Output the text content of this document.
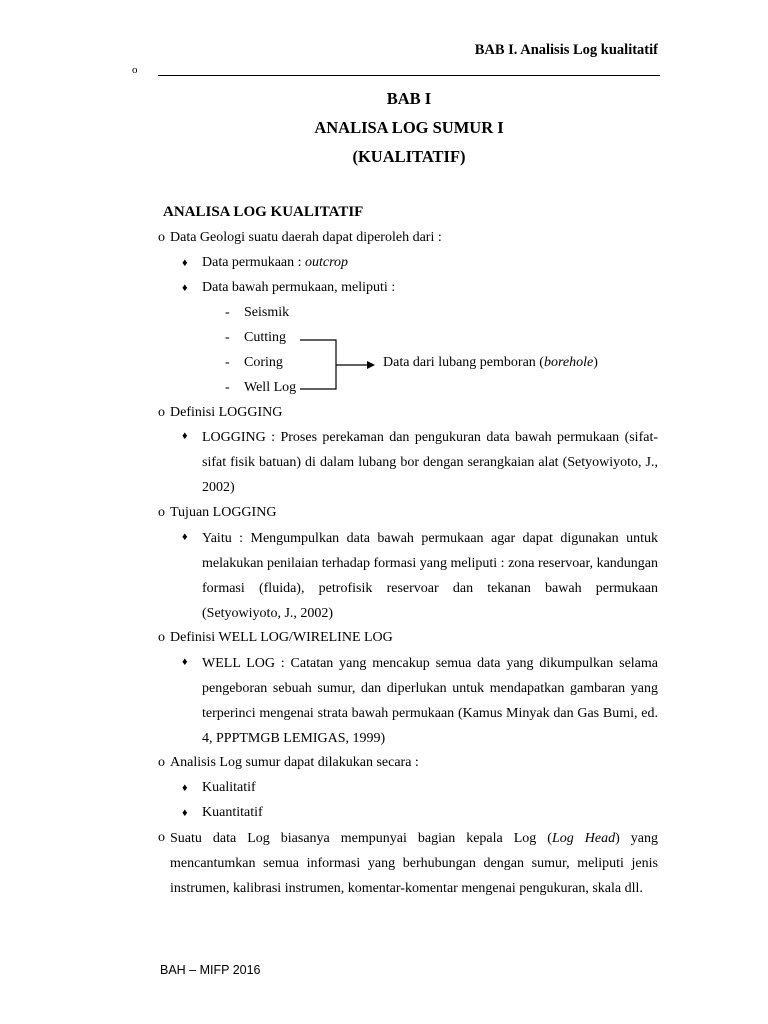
BAB I. Analisis Log kualitatif
o
BAB I
ANALISA LOG SUMUR I
(KUALITATIF)
ANALISA LOG KUALITATIF
o Data Geologi suatu daerah dapat diperoleh dari :
♦ Data permukaan : outcrop
♦ Data bawah permukaan, meliputi :
- Seismik
- Cutting
- Coring
- Well Log
Data dari lubang pemboran (borehole)
o Definisi LOGGING
♦ LOGGING : Proses perekaman dan pengukuran data bawah permukaan (sifat-sifat fisik batuan) di dalam lubang bor dengan serangkaian alat (Setyowiyoto, J., 2002)
o Tujuan LOGGING
♦ Yaitu : Mengumpulkan data bawah permukaan agar dapat digunakan untuk melakukan penilaian terhadap formasi yang meliputi : zona reservoar, kandungan formasi (fluida), petrofisik reservoar dan tekanan bawah permukaan (Setyowiyoto, J., 2002)
o Definisi WELL LOG/WIRELINE LOG
♦ WELL LOG : Catatan yang mencakup semua data yang dikumpulkan selama pengeboran sebuah sumur, dan diperlukan untuk mendapatkan gambaran yang terperinci mengenai strata bawah permukaan (Kamus Minyak dan Gas Bumi, ed. 4, PPPTMGB LEMIGAS, 1999)
o Analisis Log sumur dapat dilakukan secara :
♦ Kualitatif
♦ Kuantitatif
o Suatu data Log biasanya mempunyai bagian kepala Log (Log Head) yang mencantumkan semua informasi yang berhubungan dengan sumur, meliputi jenis instrumen, kalibrasi instrumen, komentar-komentar mengenai pengukuran, skala dll.
BAH – MIFP 2016
